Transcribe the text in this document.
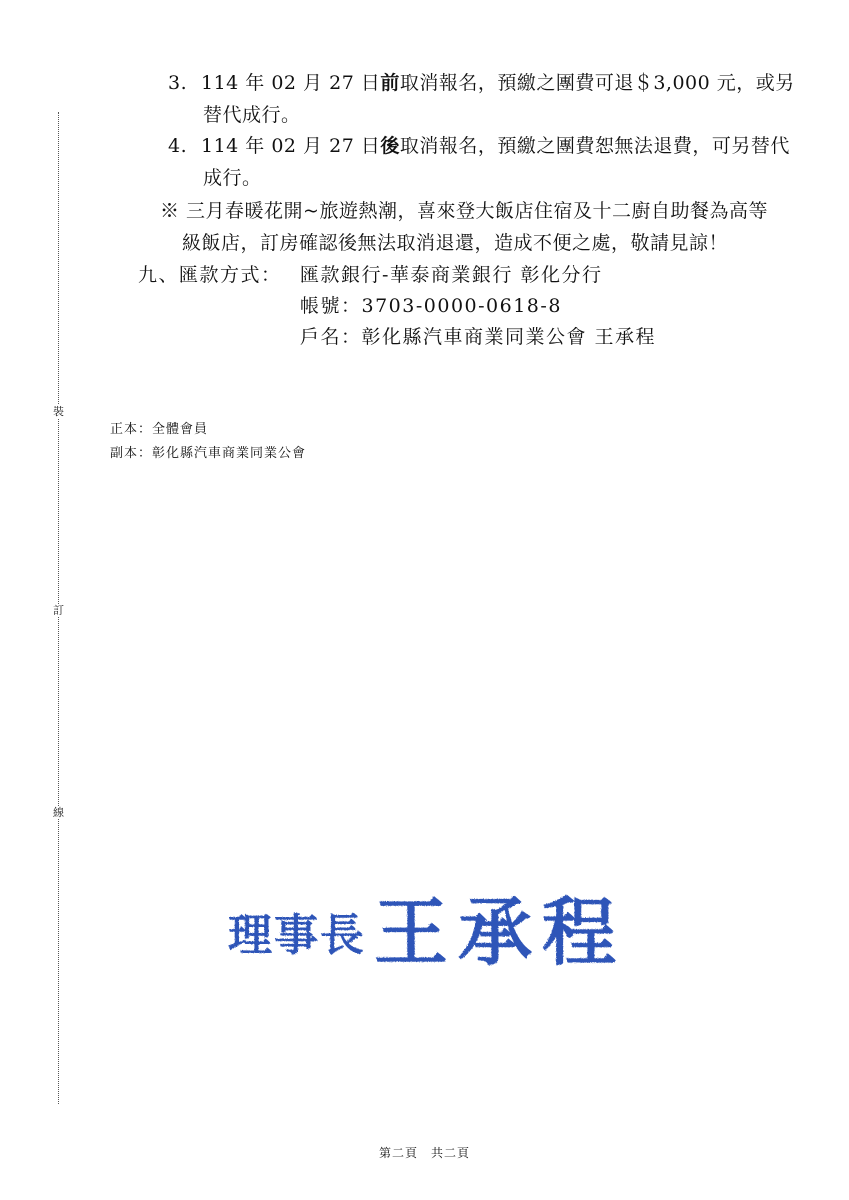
裝
訂
線
3. 114 年 02 月 27 日前取消報名，預繳之團費可退＄3,000 元，或另
替代成行。
4. 114 年 02 月 27 日後取消報名，預繳之團費恕無法退費，可另替代
成行。
※ 三月春暖花開~旅遊熱潮，喜來登大飯店住宿及十二廚自助餐為高等
級飯店，訂房確認後無法取消退還，造成不便之處，敬請見諒！
九、匯款方式： 匯款銀行-華泰商業銀行 彰化分行
帳號：3703-0000-0618-8
戶名：彰化縣汽車商業同業公會 王承程
正本：全體會員
副本：彰化縣汽車商業同業公會
理事長 王承程
第二頁　共二頁
